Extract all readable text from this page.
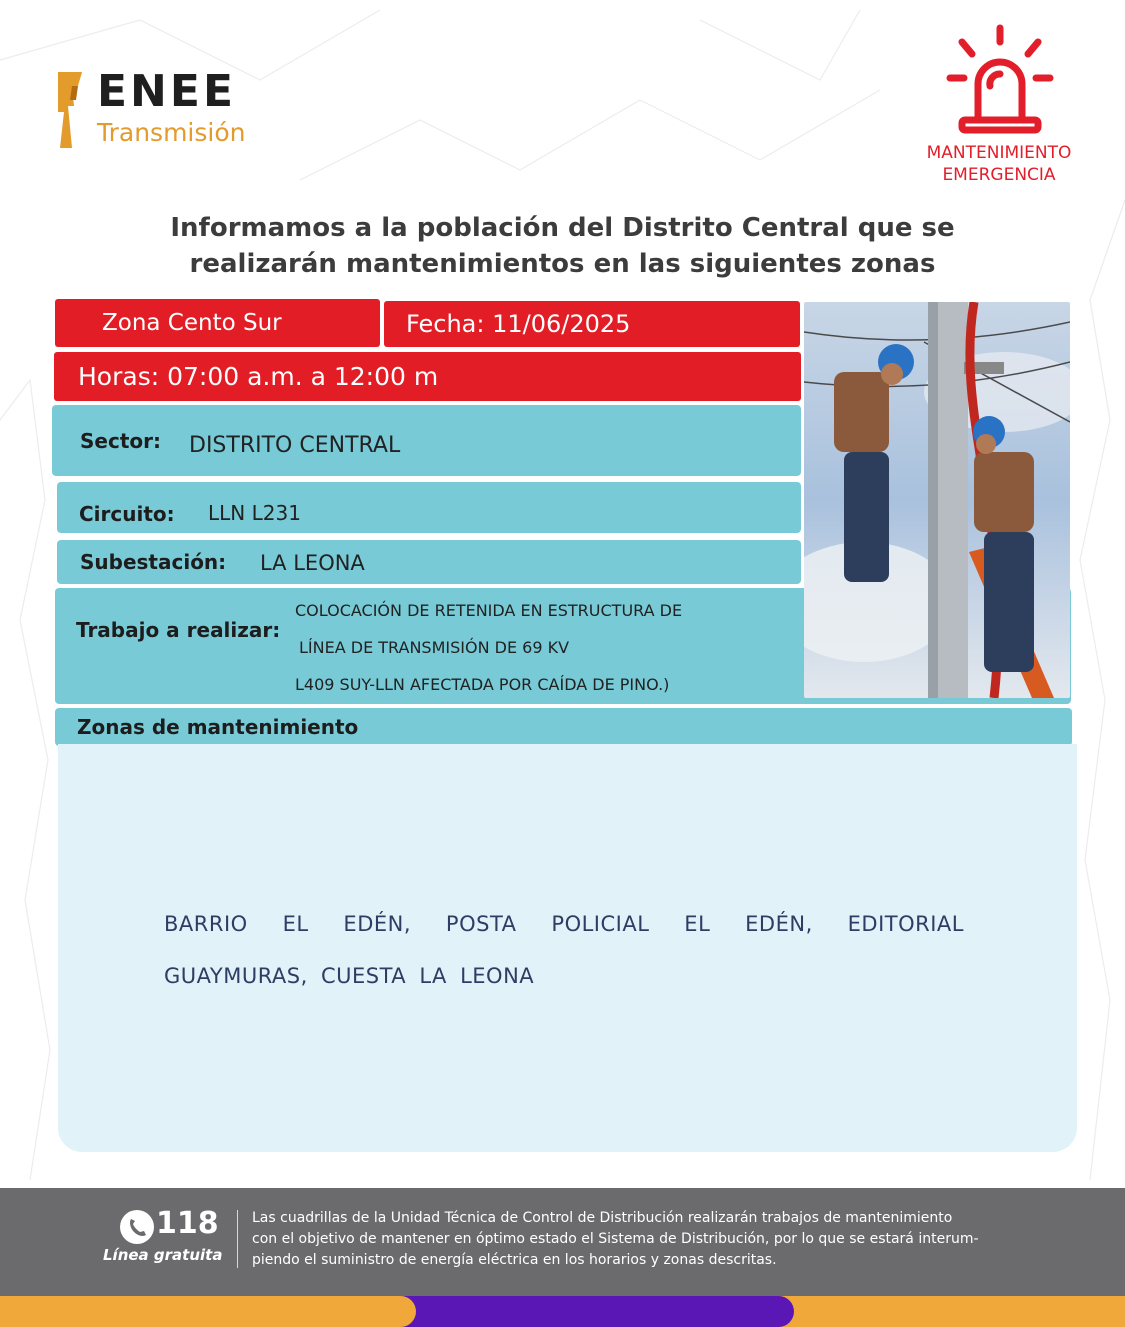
ENEE
Transmisión
MANTENIMIENTO
EMERGENCIA
Informamos a la población del Distrito Central que se
realizarán mantenimientos en las siguientes zonas
Zona Cento Sur	Fecha: 11/06/2025
Horas: 07:00 a.m. a 12:00 m
Sector: DISTRITO CENTRAL
Circuito: LLN L231
Subestación: LA LEONA
Trabajo a realizar:
COLOCACIÓN DE RETENIDA EN ESTRUCTURA DE
LÍNEA DE TRANSMISIÓN DE 69 KV
L409 SUY-LLN AFECTADA POR CAÍDA DE PINO.)
Zonas de mantenimiento
BARRIO EL EDÉN, POSTA POLICIAL EL EDÉN, EDITORIAL GUAYMURAS, CUESTA LA LEONA
118
Línea gratuita
Las cuadrillas de la Unidad Técnica de Control de Distribución realizarán trabajos de mantenimiento
con el objetivo de mantener en óptimo estado el Sistema de Distribución, por lo que se estará interum-
piendo el suministro de energía eléctrica en los horarios y zonas descritas.
